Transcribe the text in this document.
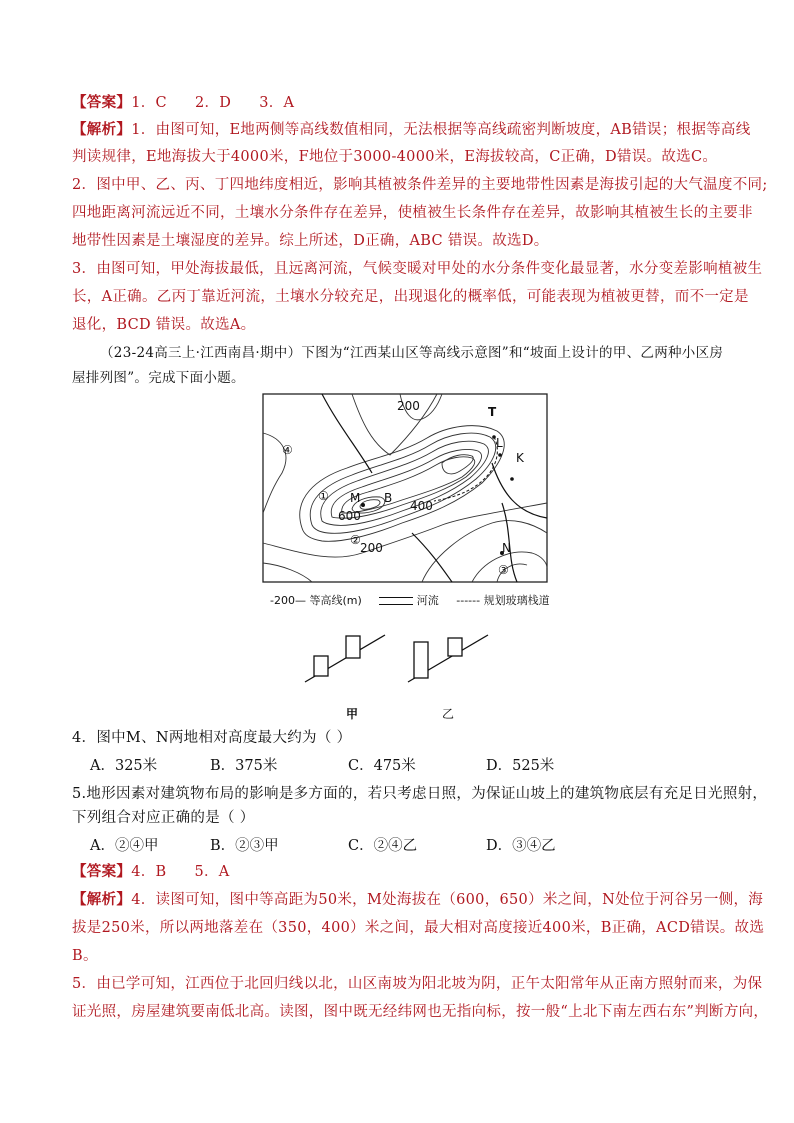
【答案】1．C 2．D 3．A
【解析】1．由图可知，E地两侧等高线数值相同，无法根据等高线疏密判断坡度，AB错误；根据等高线
判读规律，E地海拔大于4000米，F地位于3000-4000米，E海拔较高，C正确，D错误。故选C。
2．图中甲、乙、丙、丁四地纬度相近，影响其植被条件差异的主要地带性因素是海拔引起的大气温度不同;
四地距离河流远近不同，土壤水分条件存在差异，使植被生长条件存在差异，故影响其植被生长的主要非
地带性因素是土壤湿度的差异。综上所述，D正确，ABC 错误。故选D。
3．由图可知，甲处海拔最低，且远离河流，气候变暖对甲处的水分条件变化最显著，水分变差影响植被生
长，A正确。乙丙丁靠近河流，土壤水分较充足，出现退化的概率低，可能表现为植被更替，而不一定是
退化，BCD 错误。故选A。
（23-24高三上·江西南昌·期中）下图为“江西某山区等高线示意图”和“坡面上设计的甲、乙两种小区房
屋排列图”。完成下面小题。
200
400
600
200
T
L
K
M B
N
①
②
③
④
-200— 等高线(m)	河流 ------ 规划玻璃栈道
甲	乙
4．图中M、N两地相对高度最大约为（ ）
A．325米	B．375米	C．475米	D．525米
5.地形因素对建筑物布局的影响是多方面的，若只考虑日照，为保证山坡上的建筑物底层有充足日光照射，
下列组合对应正确的是（ ）
A．②④甲	B．②③甲	C．②④乙	D．③④乙
【答案】4．B 5．A
【解析】4．读图可知，图中等高距为50米，M处海拔在（600，650）米之间，N处位于河谷另一侧，海
拔是250米，所以两地落差在（350，400）米之间，最大相对高度接近400米，B正确，ACD错误。故选
B。
5．由已学可知，江西位于北回归线以北，山区南坡为阳北坡为阴，正午太阳常年从正南方照射而来，为保
证光照，房屋建筑要南低北高。读图，图中既无经纬网也无指向标，按一般“上北下南左西右东”判断方向，
